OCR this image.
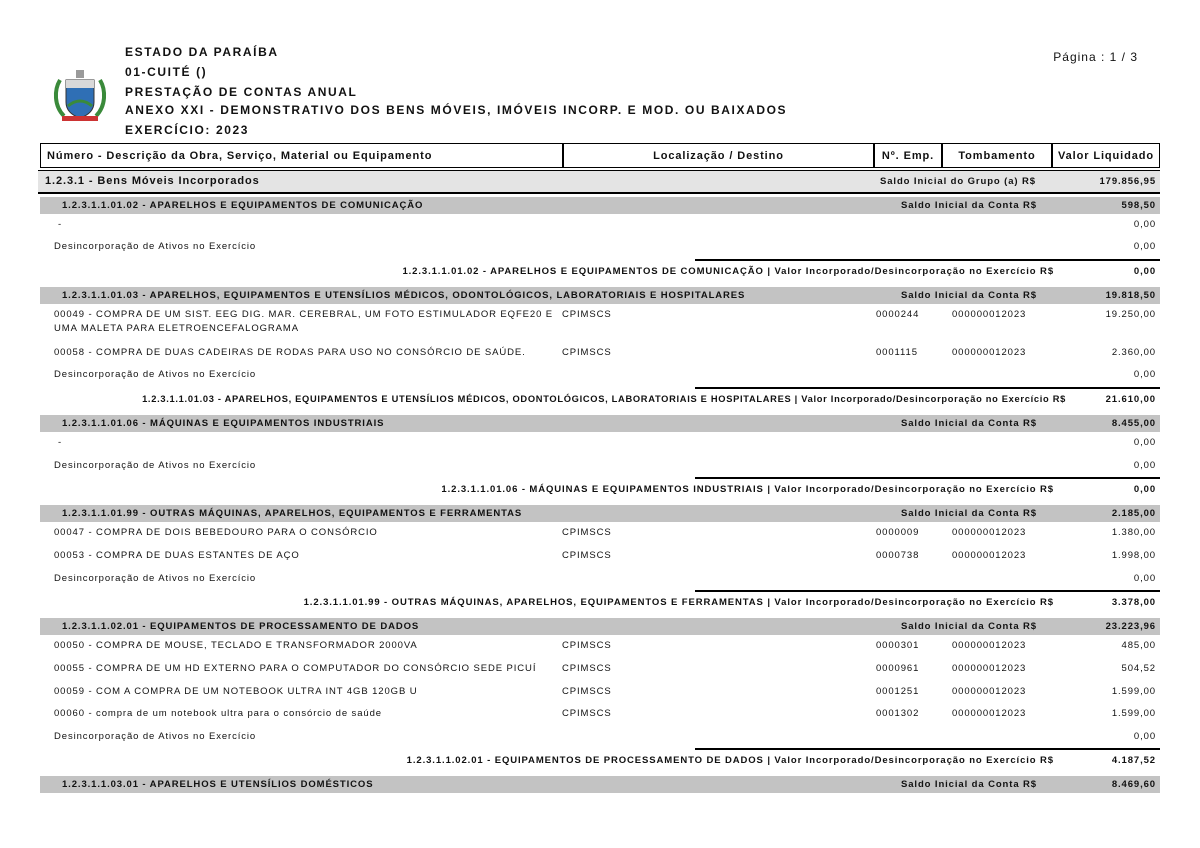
ESTADO DA PARAÍBA
01-CUITÉ ()
PRESTAÇÃO DE CONTAS ANUAL
ANEXO XXI - DEMONSTRATIVO DOS BENS MÓVEIS, IMÓVEIS INCORP. E MOD. OU BAIXADOS
EXERCÍCIO: 2023
Página : 1 / 3
Número - Descrição da Obra, Serviço, Material ou Equipamento	Localização / Destino	Nº. Emp. Tombamento Valor Liquidado
1.2.3.1 - Bens Móveis Incorporados	Saldo Inicial do Grupo (a) R$	179.856,95
1.2.3.1.1.01.02 - APARELHOS E EQUIPAMENTOS DE COMUNICAÇÃO	Saldo Inicial da Conta R$	598,50
-	0,00
Desincorporação de Ativos no Exercício	0,00
1.2.3.1.1.01.02 - APARELHOS E EQUIPAMENTOS DE COMUNICAÇÃO | Valor Incorporado/Desincorporação no Exercício R$	0,00
1.2.3.1.1.01.03 - APARELHOS, EQUIPAMENTOS E UTENSÍLIOS MÉDICOS, ODONTOLÓGICOS, LABORATORIAIS E HOSPITALARES	Saldo Inicial da Conta R$	19.818,50
00049 - COMPRA DE UM SIST. EEG DIG. MAR. CEREBRAL, UM FOTO ESTIMULADOR EQFE20 E
UMA MALETA PARA ELETROENCEFALOGRAMA
CPIMSCS	0000244	000000012023	19.250,00
00058 - COMPRA DE DUAS CADEIRAS DE RODAS PARA USO NO CONSÓRCIO DE SAÚDE.	CPIMSCS	0001115	000000012023	2.360,00
Desincorporação de Ativos no Exercício	0,00
1.2.3.1.1.01.03 - APARELHOS, EQUIPAMENTOS E UTENSÍLIOS MÉDICOS, ODONTOLÓGICOS, LABORATORIAIS E HOSPITALARES | Valor Incorporado/Desincorporação no Exercício R$	21.610,00
1.2.3.1.1.01.06 - MÁQUINAS E EQUIPAMENTOS INDUSTRIAIS	Saldo Inicial da Conta R$	8.455,00
-	0,00
Desincorporação de Ativos no Exercício	0,00
1.2.3.1.1.01.06 - MÁQUINAS E EQUIPAMENTOS INDUSTRIAIS | Valor Incorporado/Desincorporação no Exercício R$	0,00
1.2.3.1.1.01.99 - OUTRAS MÁQUINAS, APARELHOS, EQUIPAMENTOS E FERRAMENTAS	Saldo Inicial da Conta R$	2.185,00
00047 - COMPRA DE DOIS BEBEDOURO PARA O CONSÓRCIO	CPIMSCS	0000009	000000012023	1.380,00
00053 - COMPRA DE DUAS ESTANTES DE AÇO	CPIMSCS	0000738	000000012023	1.998,00
Desincorporação de Ativos no Exercício	0,00
1.2.3.1.1.01.99 - OUTRAS MÁQUINAS, APARELHOS, EQUIPAMENTOS E FERRAMENTAS | Valor Incorporado/Desincorporação no Exercício R$	3.378,00
1.2.3.1.1.02.01 - EQUIPAMENTOS DE PROCESSAMENTO DE DADOS	Saldo Inicial da Conta R$	23.223,96
00050 - COMPRA DE MOUSE, TECLADO E TRANSFORMADOR 2000VA	CPIMSCS	0000301	000000012023	485,00
00055 - COMPRA DE UM HD EXTERNO PARA O COMPUTADOR DO CONSÓRCIO SEDE PICUÍ	CPIMSCS	0000961	000000012023	504,52
00059 - COM A COMPRA DE UM NOTEBOOK ULTRA INT 4GB 120GB U	CPIMSCS	0001251	000000012023	1.599,00
00060 - compra de um notebook ultra para o consórcio de saúde	CPIMSCS	0001302	000000012023	1.599,00
Desincorporação de Ativos no Exercício	0,00
1.2.3.1.1.02.01 - EQUIPAMENTOS DE PROCESSAMENTO DE DADOS | Valor Incorporado/Desincorporação no Exercício R$	4.187,52
1.2.3.1.1.03.01 - APARELHOS E UTENSÍLIOS DOMÉSTICOS	Saldo Inicial da Conta R$	8.469,60
